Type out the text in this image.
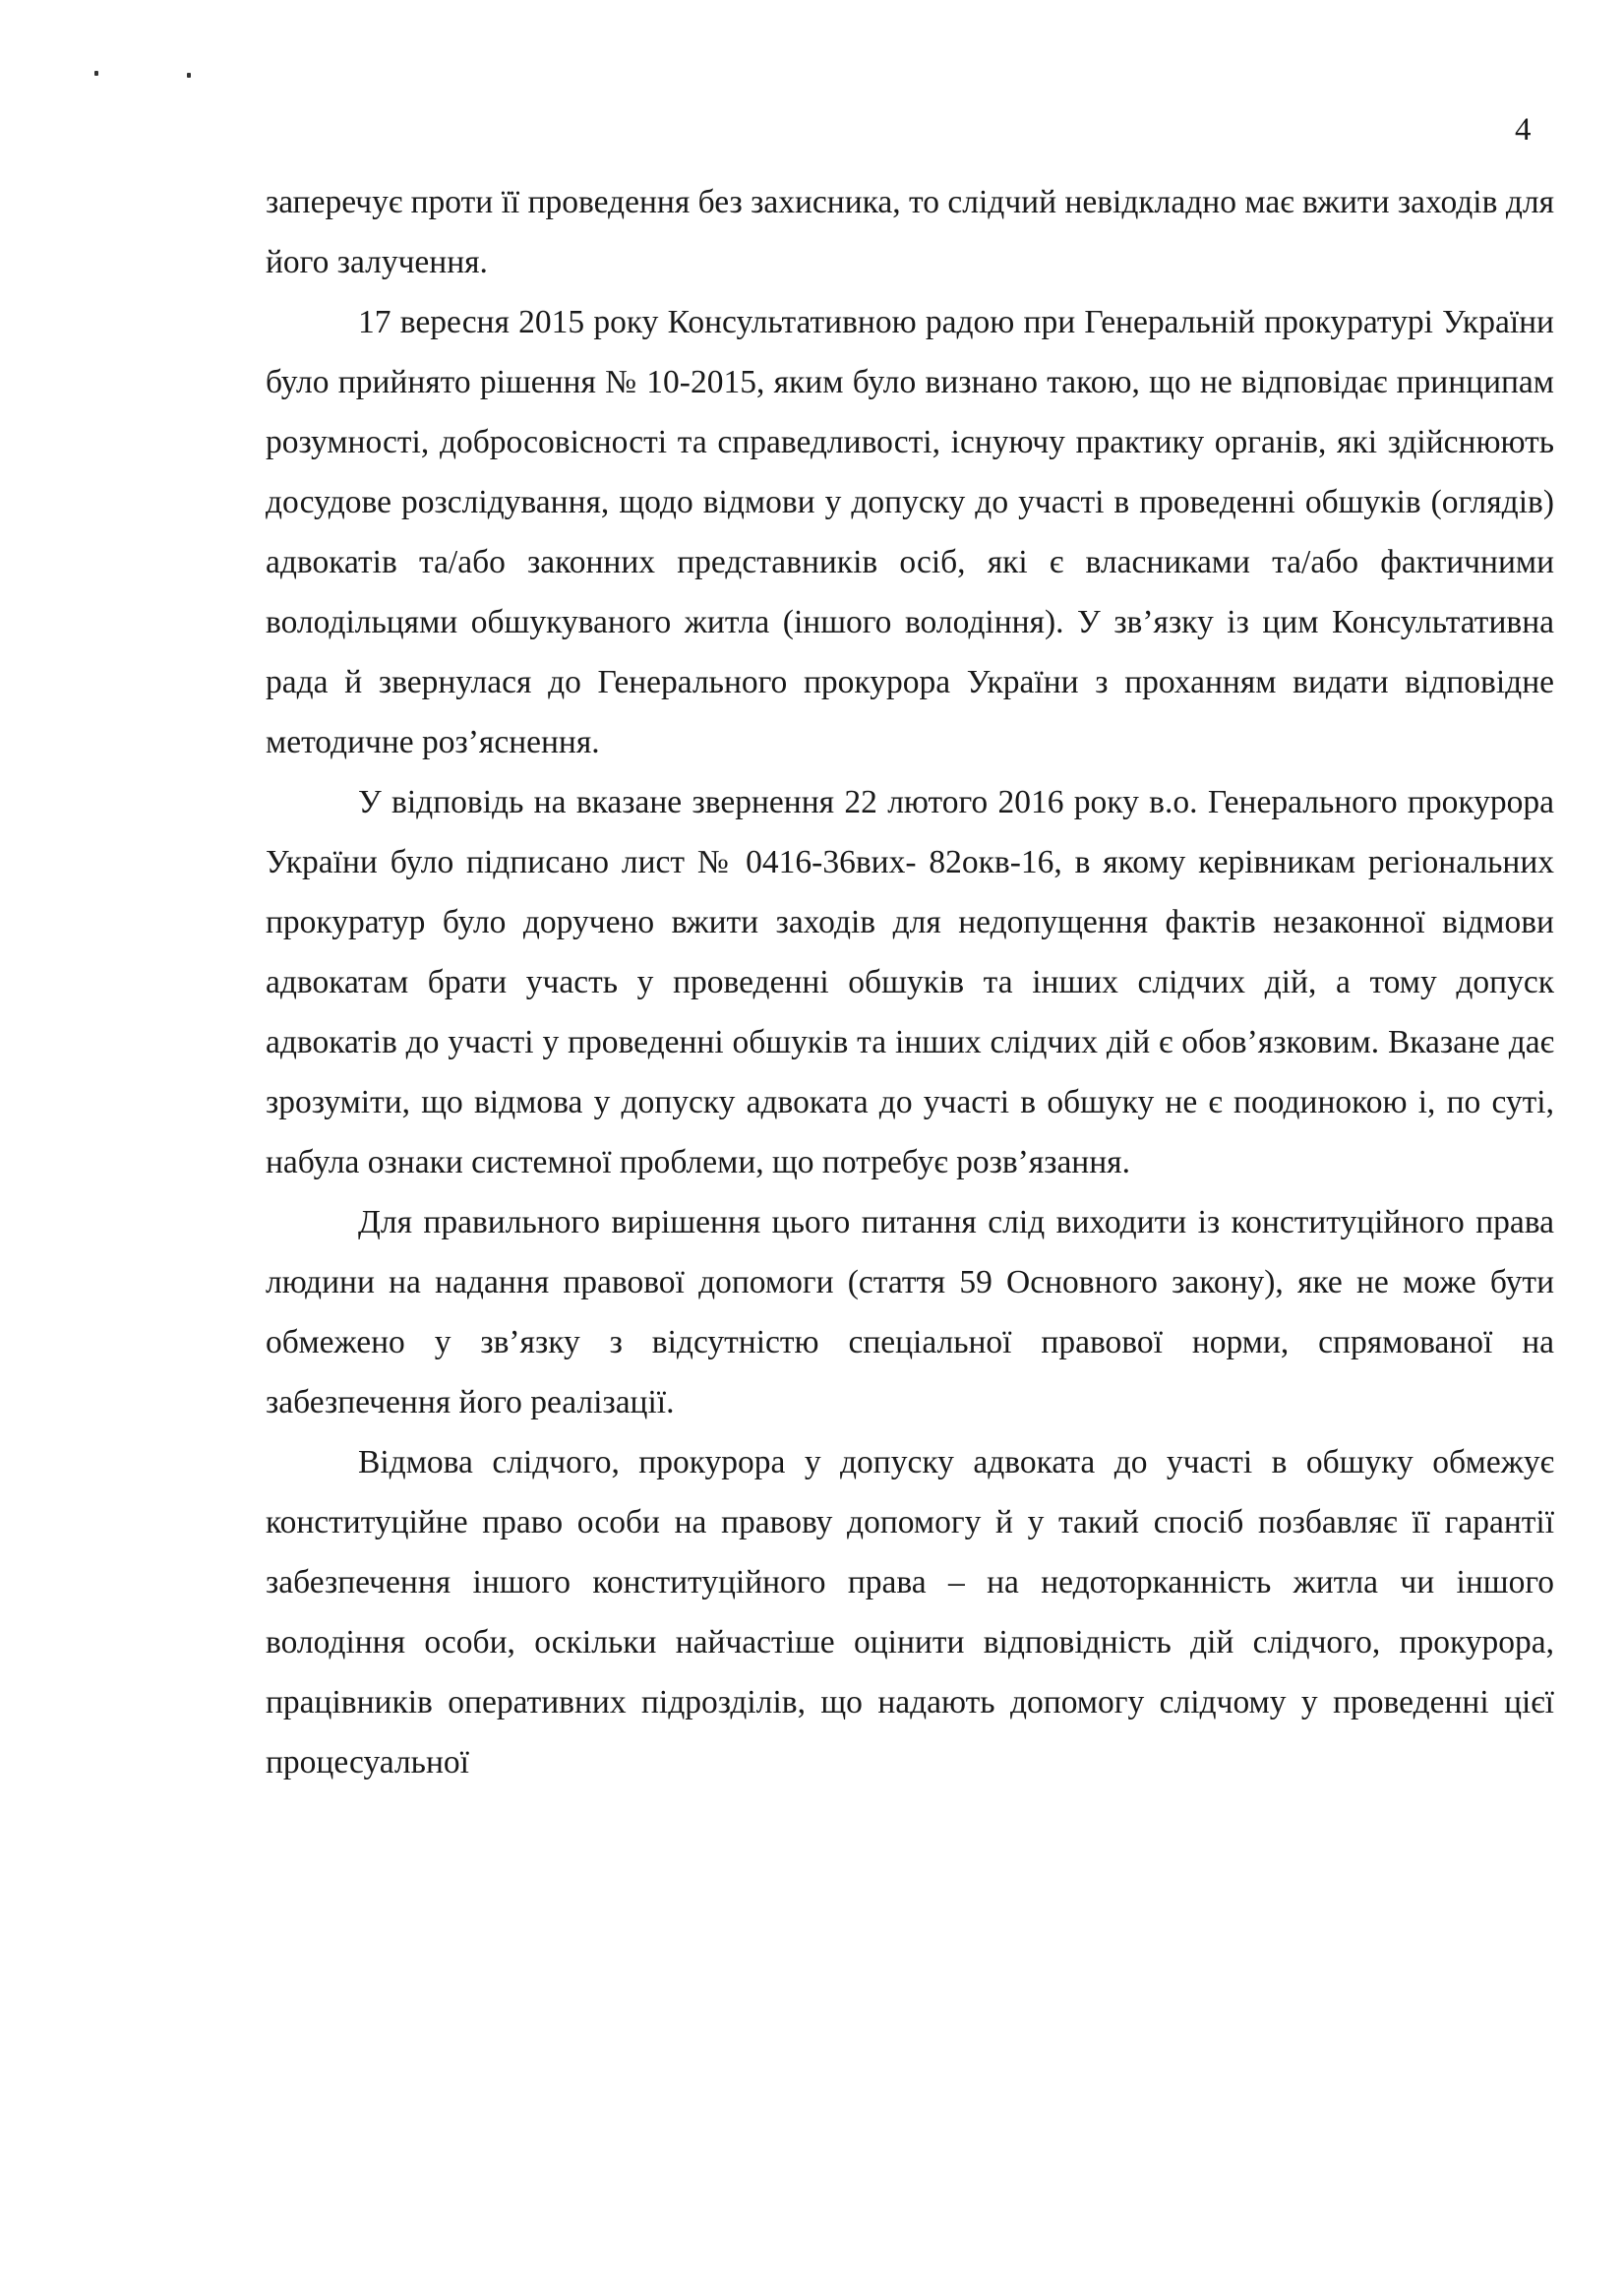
4

заперечує проти її проведення без захисника, то слідчий невідкладно має вжити заходів для його залучення.

17 вересня 2015 року Консультативною радою при Генеральній прокуратурі України було прийнято рішення № 10-2015, яким було визнано такою, що не відповідає принципам розумності, добросовісності та справедливості, існуючу практику органів, які здійснюють досудове розслідування, щодо відмови у допуску до участі в проведенні обшуків (оглядів) адвокатів та/або законних представників осіб, які є власниками та/або фактичними володільцями обшукуваного житла (іншого володіння). У зв’язку із цим Консультативна рада й звернулася до Генерального прокурора України з проханням видати відповідне методичне роз’яснення.

У відповідь на вказане звернення 22 лютого 2016 року в.о. Генерального прокурора України було підписано лист № 0416-36вих- 82окв-16, в якому керівникам регіональних прокуратур було доручено вжити заходів для недопущення фактів незаконної відмови адвокатам брати участь у проведенні обшуків та інших слідчих дій, а тому допуск адвокатів до участі у проведенні обшуків та інших слідчих дій є обов’язковим. Вказане дає зрозуміти, що відмова у допуску адвоката до участі в обшуку не є поодинокою і, по суті, набула ознаки системної проблеми, що потребує розв’язання.

Для правильного вирішення цього питання слід виходити із конституційного права людини на надання правової допомоги (стаття 59 Основного закону), яке не може бути обмежено у зв’язку з відсутністю спеціальної правової норми, спрямованої на забезпечення його реалізації.

Відмова слідчого, прокурора у допуску адвоката до участі в обшуку обмежує конституційне право особи на правову допомогу й у такий спосіб позбавляє її гарантії забезпечення іншого конституційного права – на недоторканність житла чи іншого володіння особи, оскільки найчастіше оцінити відповідність дій слідчого, прокурора, працівників оперативних підрозділів, що надають допомогу слідчому у проведенні цієї процесуальної
